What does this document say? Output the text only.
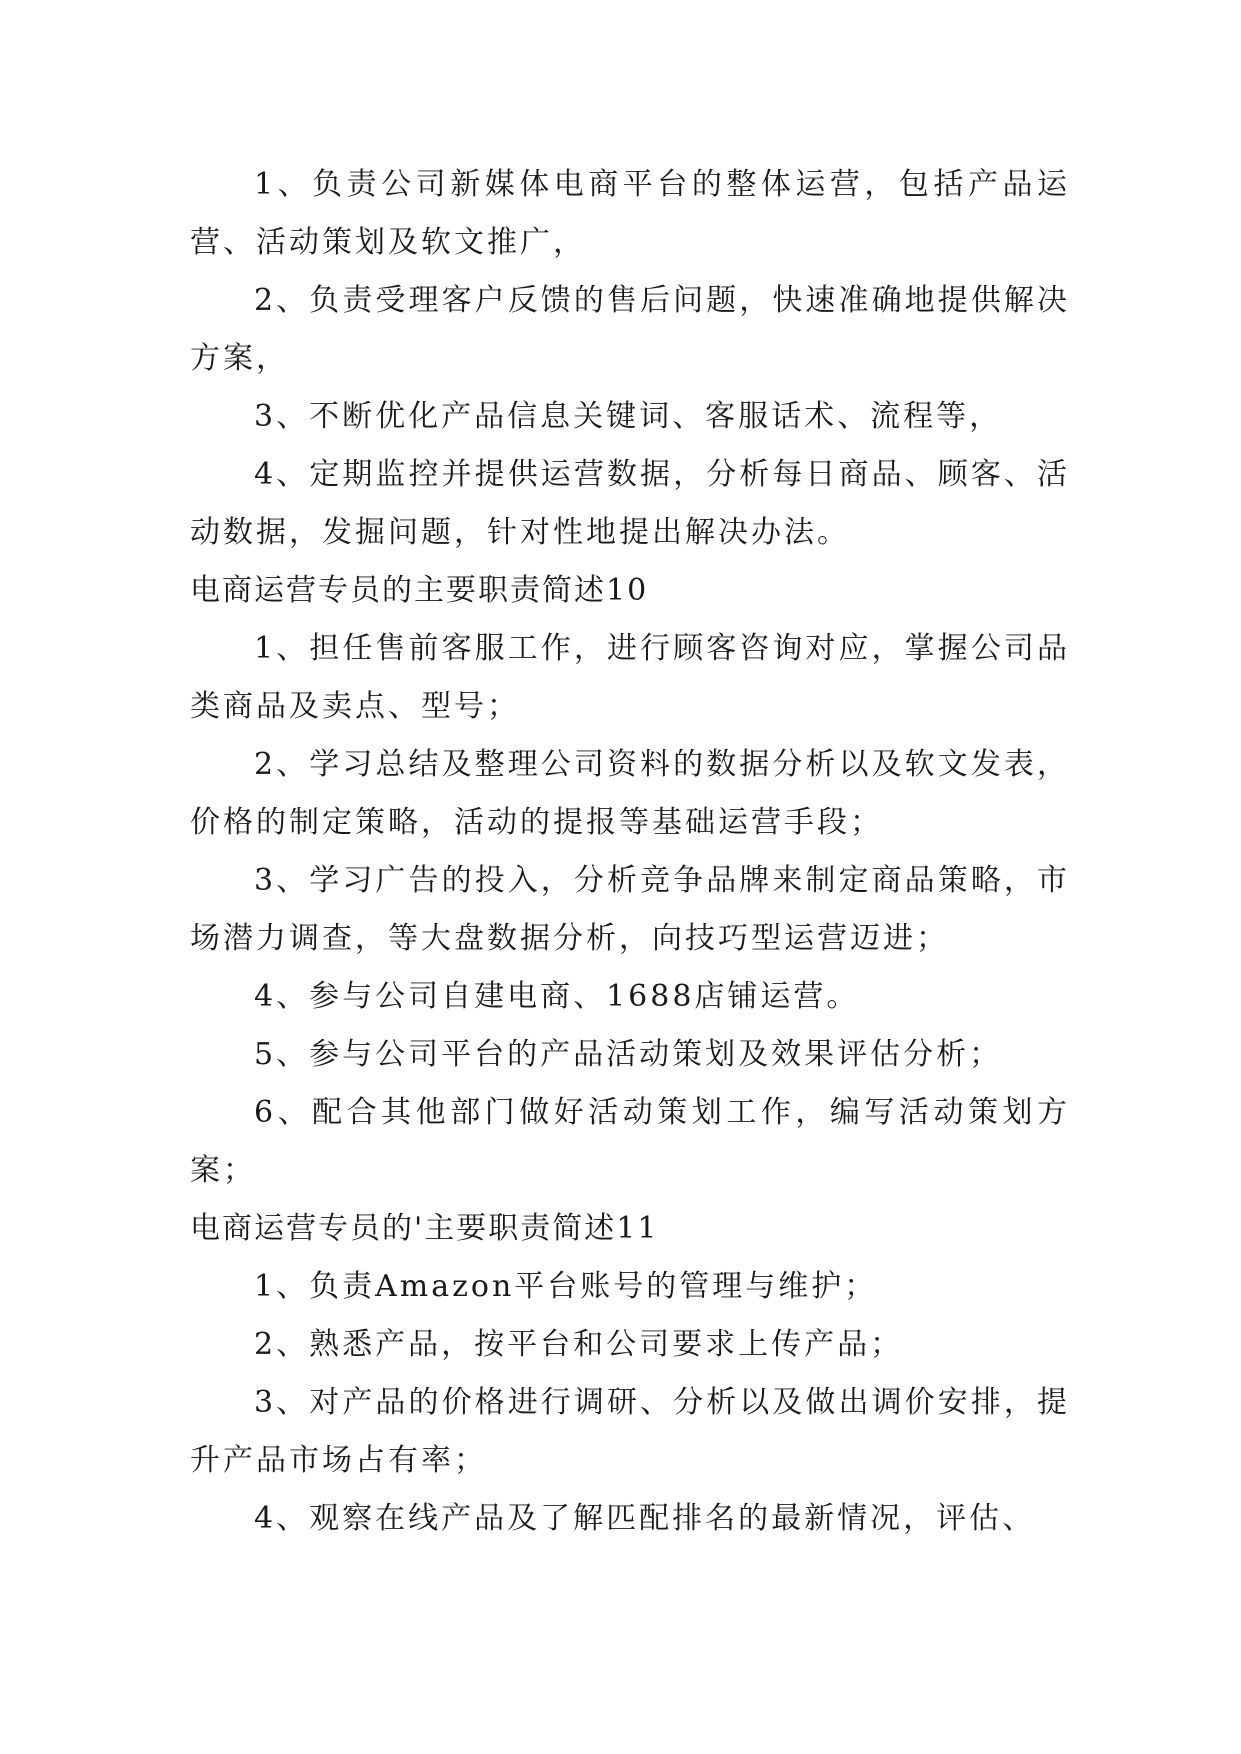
1、负责公司新媒体电商平台的整体运营，包括产品运营、活动策划及软文推广，

2、负责受理客户反馈的售后问题，快速准确地提供解决方案，

3、不断优化产品信息关键词、客服话术、流程等，

4、定期监控并提供运营数据，分析每日商品、顾客、活动数据，发掘问题，针对性地提出解决办法。

电商运营专员的主要职责简述10

1、担任售前客服工作，进行顾客咨询对应，掌握公司品类商品及卖点、型号；

2、学习总结及整理公司资料的数据分析以及软文发表，价格的制定策略，活动的提报等基础运营手段；

3、学习广告的投入，分析竞争品牌来制定商品策略，市场潜力调查，等大盘数据分析，向技巧型运营迈进；

4、参与公司自建电商、1688店铺运营。

5、参与公司平台的产品活动策划及效果评估分析；

6、配合其他部门做好活动策划工作，编写活动策划方案；

电商运营专员的'主要职责简述11

1、负责Amazon平台账号的管理与维护；

2、熟悉产品，按平台和公司要求上传产品；

3、对产品的价格进行调研、分析以及做出调价安排，提升产品市场占有率；

4、观察在线产品及了解匹配排名的最新情况，评估、
